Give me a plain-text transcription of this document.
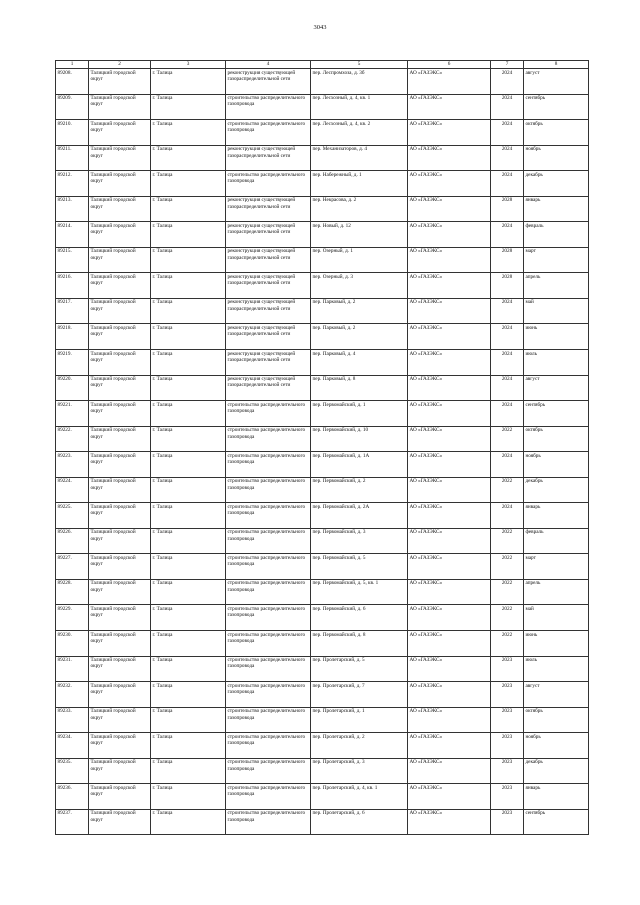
3043
1	2	3	4	5	6	7	8
89208.	Талицкий городской округ	г. Талица	реконструкция существующей газораспределительной сети	пер. Леспромхоза, д. 3б	АО «ГАЗЭКС»	2024	август
89209.	Талицкий городской округ	г. Талица	строительство распределительного газопровода	пер. Лесхозный, д. 4, кв. 1	АО «ГАЗЭКС»	2024	сентябрь
89210.	Талицкий городской округ	г. Талица	строительство распределительного газопровода	пер. Лесхозный, д. 4, кв. 2	АО «ГАЗЭКС»	2024	октябрь
89211.	Талицкий городской округ	г. Талица	реконструкция существующей газораспределительной сети	пер. Механизаторов, д. 4	АО «ГАЗЭКС»	2024	ноябрь
89212.	Талицкий городской округ	г. Талица	строительство распределительного газопровода	пер. Набережный, д. 1	АО «ГАЗЭКС»	2024	декабрь
89213.	Талицкий городской округ	г. Талица	реконструкция существующей газораспределительной сети	пер. Некрасова, д. 2	АО «ГАЗЭКС»	2028	январь
89214.	Талицкий городской округ	г. Талица	реконструкция существующей газораспределительной сети	пер. Новый, д. 12	АО «ГАЗЭКС»	2024	февраль
89215.	Талицкий городской округ	г. Талица	реконструкция существующей газораспределительной сети	пер. Озерный, д. 1	АО «ГАЗЭКС»	2028	март
89216.	Талицкий городской округ	г. Талица	реконструкция существующей газораспределительной сети	пер. Озерный, д. 3	АО «ГАЗЭКС»	2028	апрель
89217.	Талицкий городской округ	г. Талица	реконструкция существующей газораспределительной сети	пер. Парковый, д. 2	АО «ГАЗЭКС»	2024	май
89218.	Талицкий городской округ	г. Талица	реконструкция существующей газораспределительной сети	пер. Парковый, д. 2	АО «ГАЗЭКС»	2024	июнь
89219.	Талицкий городской округ	г. Талица	реконструкция существующей газораспределительной сети	пер. Парковый, д. 4	АО «ГАЗЭКС»	2024	июль
89220.	Талицкий городской округ	г. Талица	реконструкция существующей газораспределительной сети	пер. Парковый, д. 8	АО «ГАЗЭКС»	2024	август
89221.	Талицкий городской округ	г. Талица	строительство распределительного газопровода	пер. Первомайский, д. 1	АО «ГАЗЭКС»	2024	сентябрь
89222.	Талицкий городской округ	г. Талица	строительство распределительного газопровода	пер. Первомайский, д. 10	АО «ГАЗЭКС»	2022	октябрь
89223.	Талицкий городской округ	г. Талица	строительство распределительного газопровода	пер. Первомайский, д. 1А	АО «ГАЗЭКС»	2024	ноябрь
89224.	Талицкий городской округ	г. Талица	строительство распределительного газопровода	пер. Первомайский, д. 2	АО «ГАЗЭКС»	2022	декабрь
89225.	Талицкий городской округ	г. Талица	строительство распределительного газопровода	пер. Первомайский, д. 2А	АО «ГАЗЭКС»	2024	январь
89226.	Талицкий городской округ	г. Талица	строительство распределительного газопровода	пер. Первомайский, д. 3	АО «ГАЗЭКС»	2022	февраль
89227.	Талицкий городской округ	г. Талица	строительство распределительного газопровода	пер. Первомайский, д. 5	АО «ГАЗЭКС»	2022	март
89228.	Талицкий городской округ	г. Талица	строительство распределительного газопровода	пер. Первомайский, д. 5, кв. 1	АО «ГАЗЭКС»	2022	апрель
89229.	Талицкий городской округ	г. Талица	строительство распределительного газопровода	пер. Первомайский, д. 6	АО «ГАЗЭКС»	2022	май
89230.	Талицкий городской округ	г. Талица	строительство распределительного газопровода	пер. Первомайский, д. 8	АО «ГАЗЭКС»	2022	июнь
89231.	Талицкий городской округ	г. Талица	строительство распределительного газопровода	пер. Пролетарский, д. 5	АО «ГАЗЭКС»	2023	июль
89232.	Талицкий городской округ	г. Талица	строительство распределительного газопровода	пер. Пролетарский, д. 7	АО «ГАЗЭКС»	2023	август
89233.	Талицкий городской округ	г. Талица	строительство распределительного газопровода	пер. Пролетарский, д. 1	АО «ГАЗЭКС»	2023	октябрь
89234.	Талицкий городской округ	г. Талица	строительство распределительного газопровода	пер. Пролетарский, д. 2	АО «ГАЗЭКС»	2023	ноябрь
89235.	Талицкий городской округ	г. Талица	строительство распределительного газопровода	пер. Пролетарский, д. 3	АО «ГАЗЭКС»	2023	декабрь
89236.	Талицкий городской округ	г. Талица	строительство распределительного газопровода	пер. Пролетарский, д. 4, кв. 1	АО «ГАЗЭКС»	2023	январь
89237.	Талицкий городской округ	г. Талица	строительство распределительного газопровода	пер. Пролетарский, д. 6	АО «ГАЗЭКС»	2023	сентябрь
